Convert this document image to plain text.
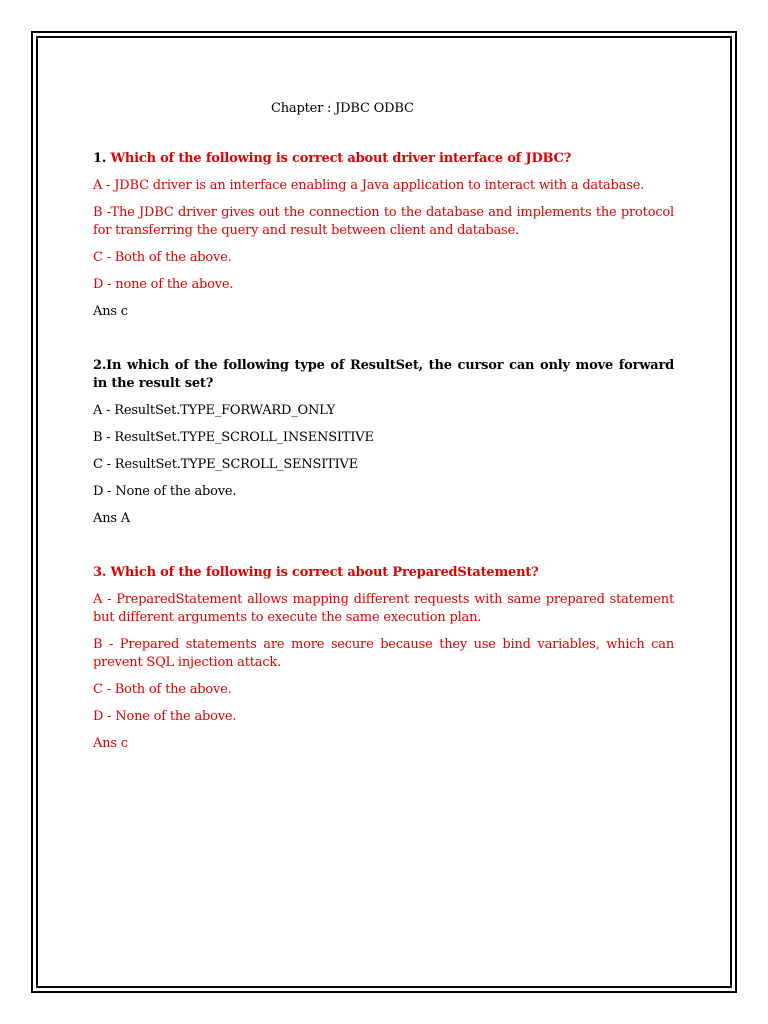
Chapter : JDBC ODBC
1. Which of the following is correct about driver interface of JDBC?
A - JDBC driver is an interface enabling a Java application to interact with a database.
B -The JDBC driver gives out the connection to the database and implements the protocol for transferring the query and result between client and database.
C - Both of the above.
D - none of the above.
Ans c
2.In which of the following type of ResultSet, the cursor can only move forward in the result set?
A - ResultSet.TYPE_FORWARD_ONLY
B - ResultSet.TYPE_SCROLL_INSENSITIVE
C - ResultSet.TYPE_SCROLL_SENSITIVE
D - None of the above.
Ans A
3. Which of the following is correct about PreparedStatement?
A - PreparedStatement allows mapping different requests with same prepared statement but different arguments to execute the same execution plan.
B - Prepared statements are more secure because they use bind variables, which can prevent SQL injection attack.
C - Both of the above.
D - None of the above.
Ans c
